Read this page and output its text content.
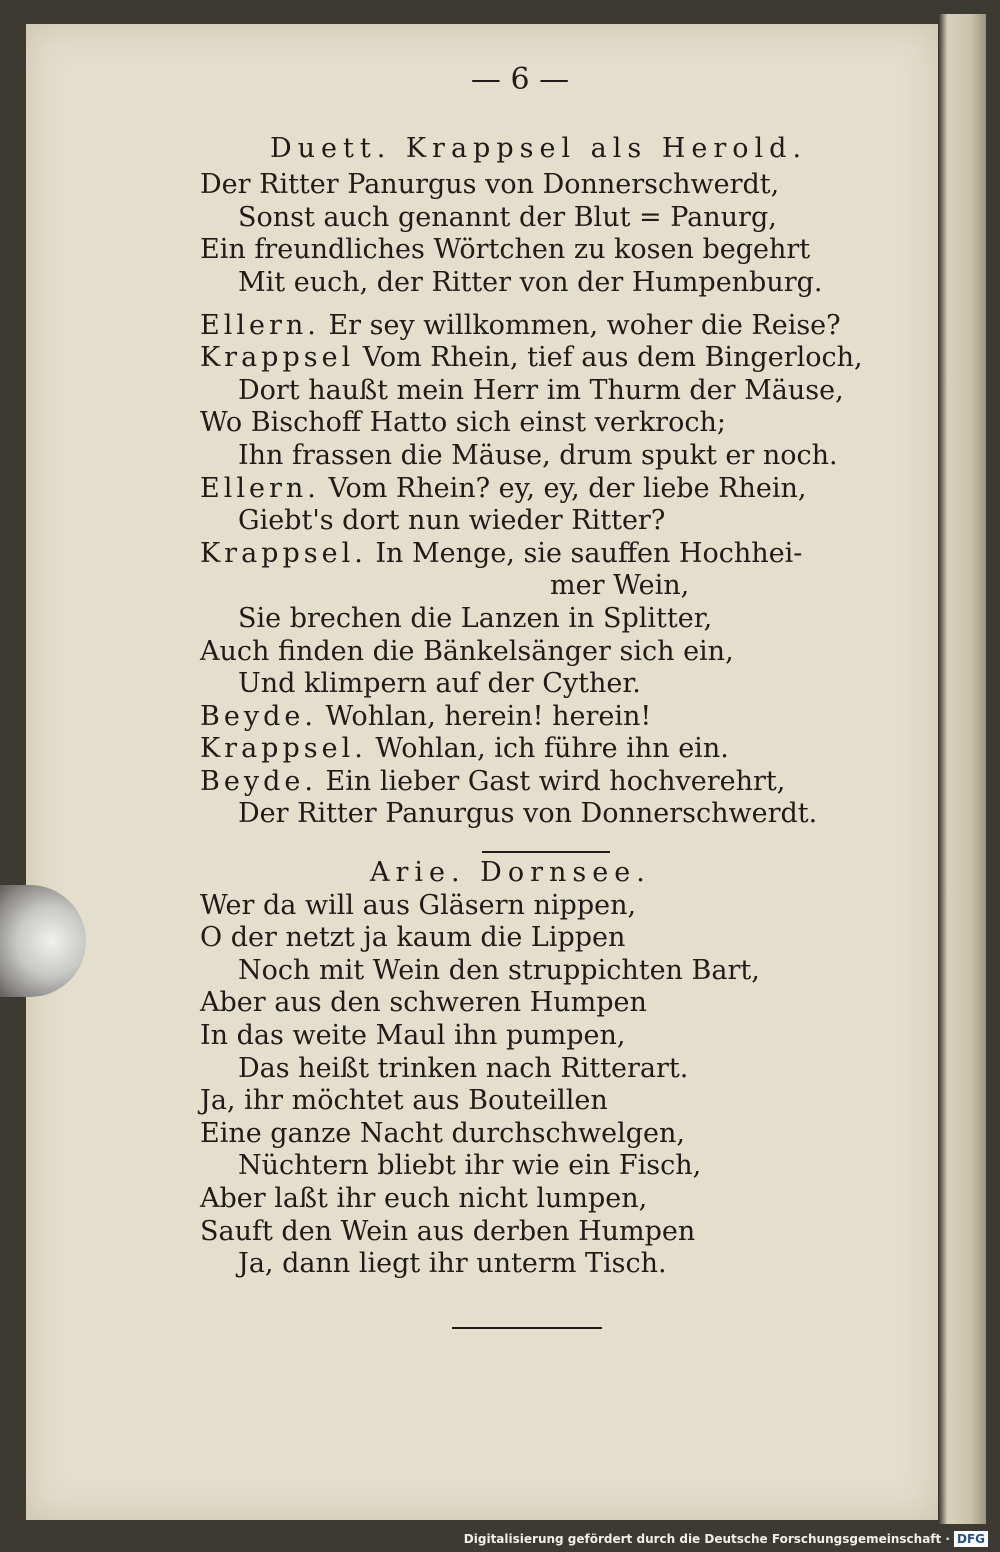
— 6 —
Duett. Krappsel als Herold.
Der Ritter Panurgus von Donnerschwerdt,
Sonst auch genannt der Blut = Panurg,
Ein freundliches Wörtchen zu kosen begehrt
Mit euch, der Ritter von der Humpenburg.
Ellern. Er sey willkommen, woher die Reise?
Krappsel Vom Rhein, tief aus dem Bingerloch,
Dort haußt mein Herr im Thurm der Mäuse,
Wo Bischoff Hatto sich einst verkroch;
Ihn frassen die Mäuse, drum spukt er noch.
Ellern. Vom Rhein? ey, ey, der liebe Rhein,
Giebt's dort nun wieder Ritter?
Krappsel. In Menge, sie sauffen Hochhei-
mer Wein,
Sie brechen die Lanzen in Splitter,
Auch finden die Bänkelsänger sich ein,
Und klimpern auf der Cyther.
Beyde. Wohlan, herein! herein!
Krappsel. Wohlan, ich führe ihn ein.
Beyde. Ein lieber Gast wird hochverehrt,
Der Ritter Panurgus von Donnerschwerdt.
Arie. Dornsee.
Wer da will aus Gläsern nippen,
O der netzt ja kaum die Lippen
Noch mit Wein den struppichten Bart,
Aber aus den schweren Humpen
In das weite Maul ihn pumpen,
Das heißt trinken nach Ritterart.
Ja, ihr möchtet aus Bouteillen
Eine ganze Nacht durchschwelgen,
Nüchtern bliebt ihr wie ein Fisch,
Aber laßt ihr euch nicht lumpen,
Sauft den Wein aus derben Humpen
Ja, dann liegt ihr unterm Tisch.
Digitalisierung gefördert durch die Deutsche Forschungsgemeinschaft · DFG
